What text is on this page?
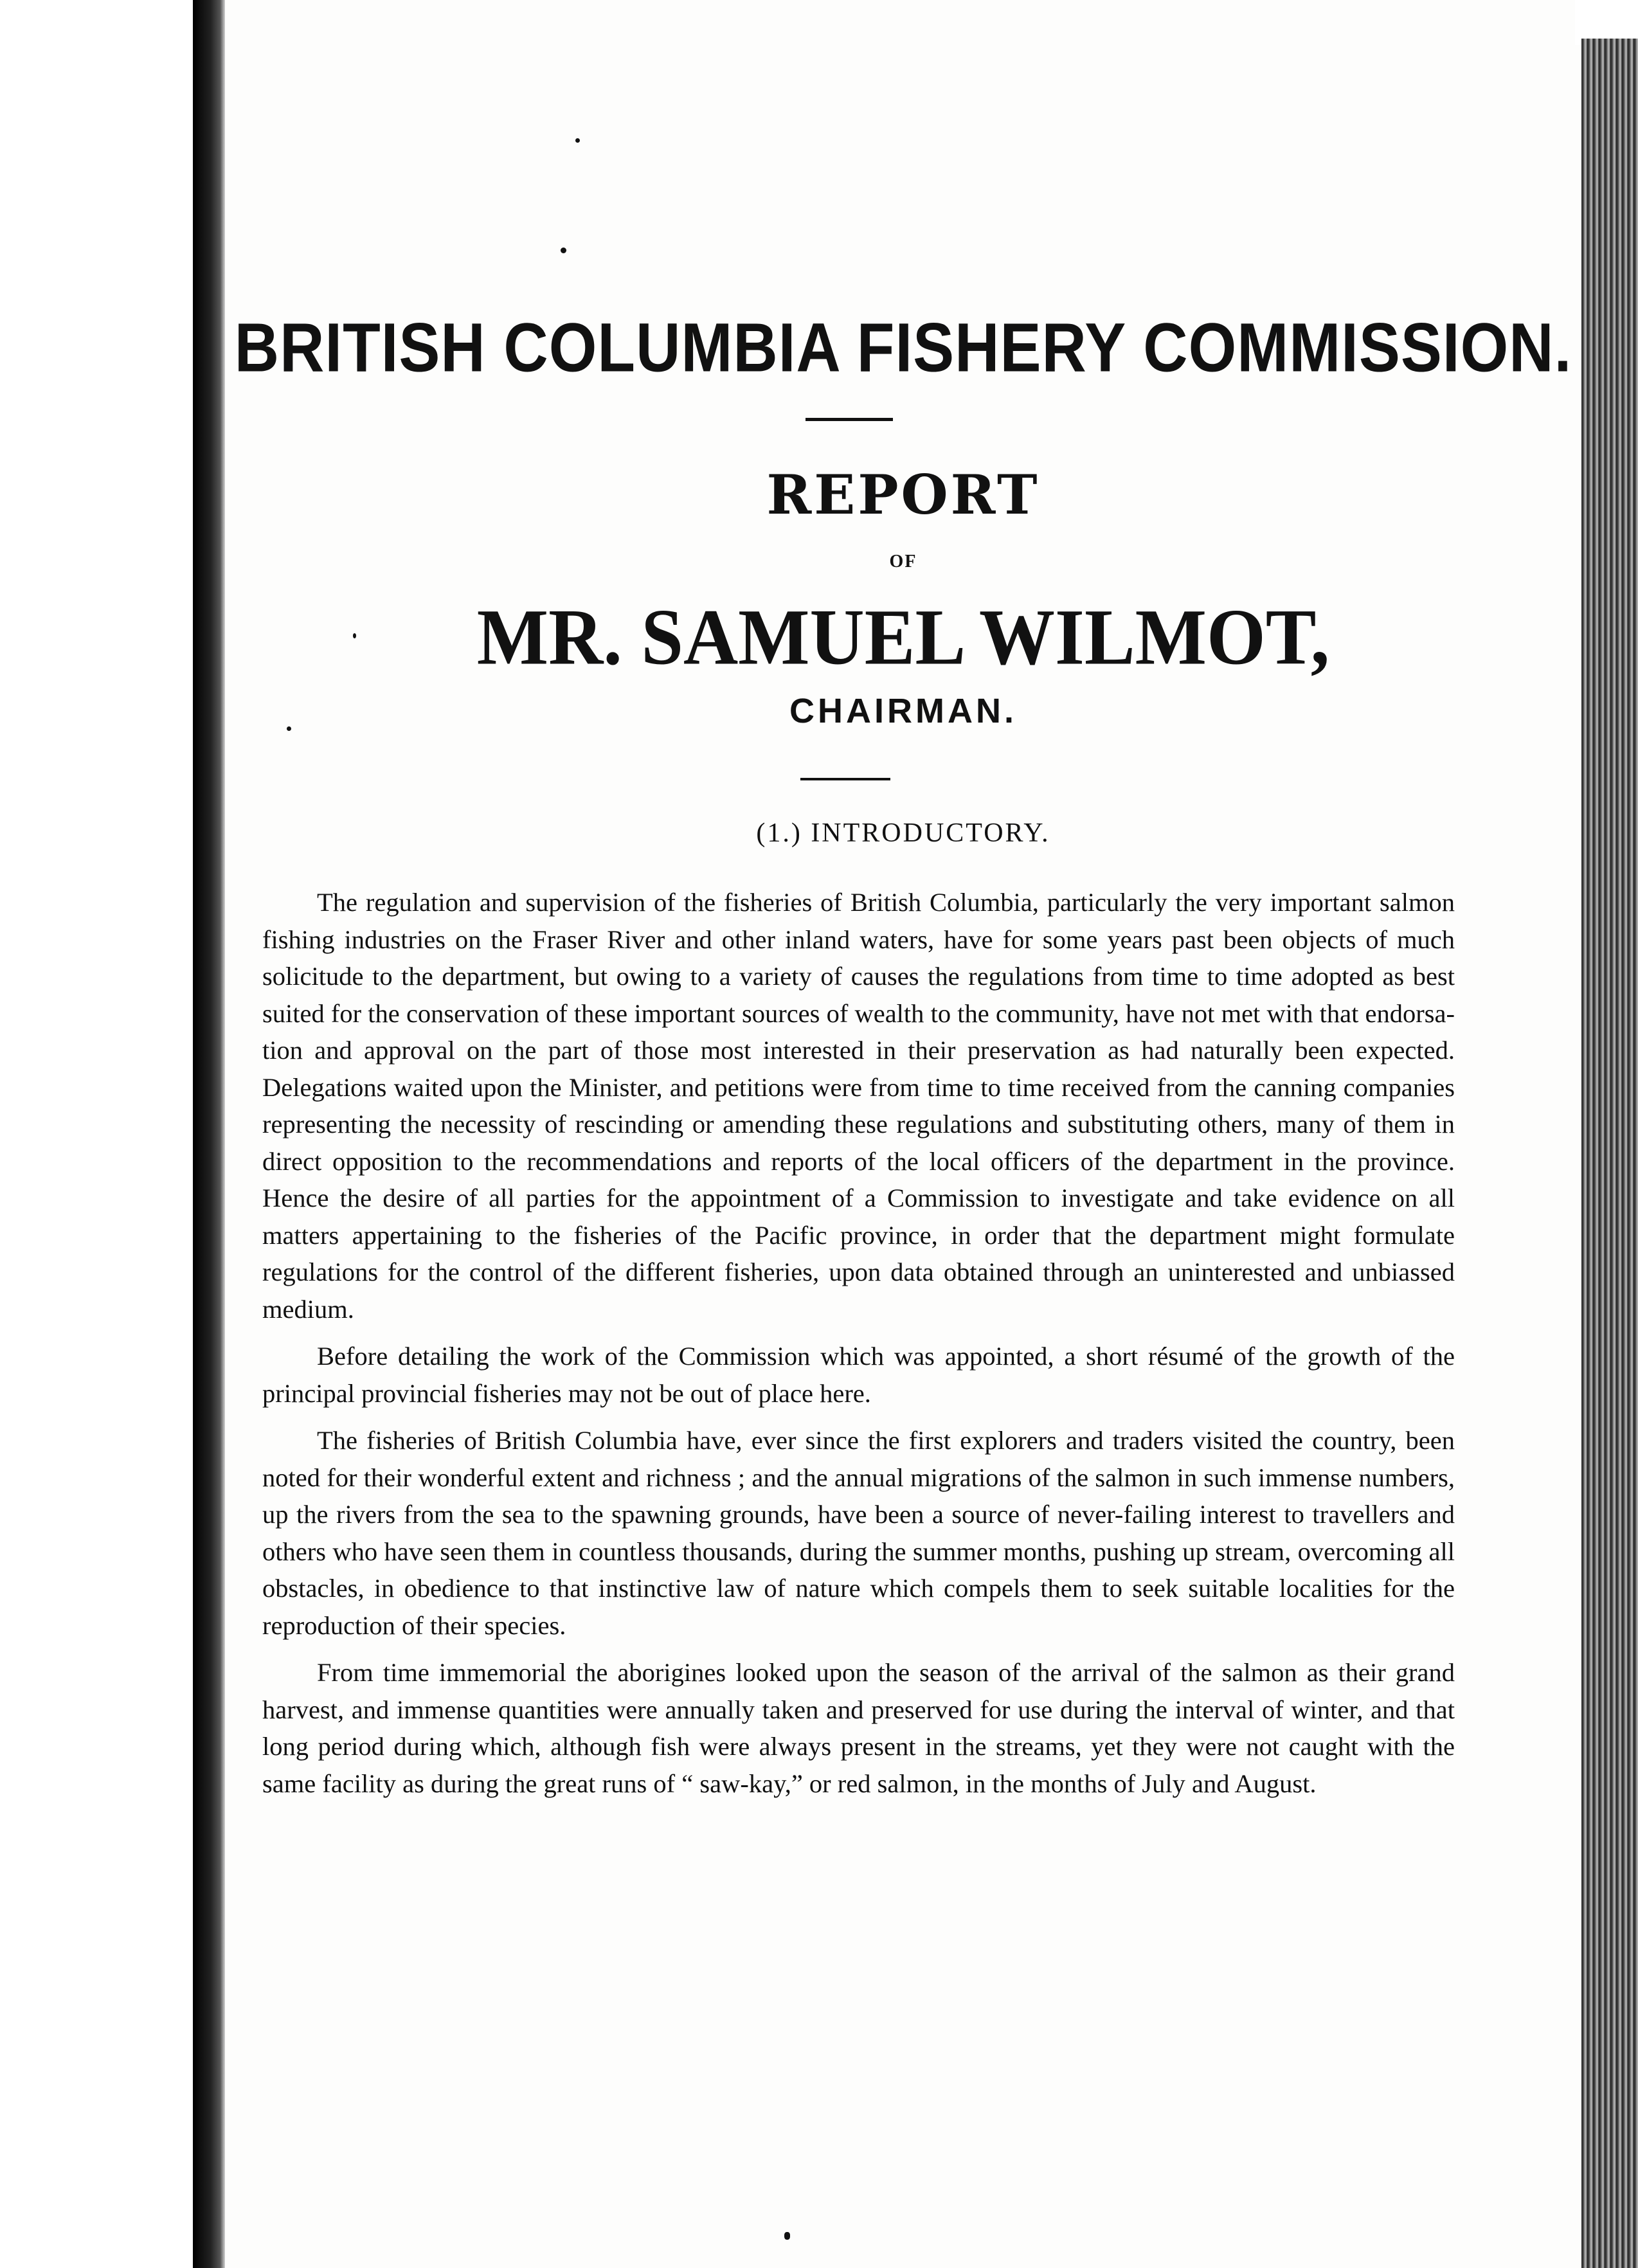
BRITISH COLUMBIA FISHERY COMMISSION.
REPORT
OF
MR. SAMUEL WILMOT,
CHAIRMAN.
(1.) INTRODUCTORY.

The regulation and supervision of the fisheries of British Columbia, particularly the very important salmon fishing industries on the Fraser River and other inland waters, have for some years past been objects of much solicitude to the department, but owing to a variety of causes the regulations from time to time adopted as best suited for the conservation of these important sources of wealth to the community, have not met with that endorsation and approval on the part of those most interested in their preservation as had naturally been expected. Delegations waited upon the Minister, and petitions were from time to time received from the canning companies representing the necessity of rescinding or amending these regulations and substituting others, many of them in direct opposition to the recommendations and reports of the local officers of the department in the province. Hence the desire of all parties for the appointment of a Commission to investigate and take evidence on all matters appertaining to the fisheries of the Pacific province, in order that the department might formulate regulations for the control of the different fisheries, upon data obtained through an uninterested and unbiassed medium.

Before detailing the work of the Commission which was appointed, a short résumé of the growth of the principal provincial fisheries may not be out of place here.

The fisheries of British Columbia have, ever since the first explorers and traders visited the country, been noted for their wonderful extent and richness ; and the annual migrations of the salmon in such immense numbers, up the rivers from the sea to the spawning grounds, have been a source of never-failing interest to travellers and others who have seen them in countless thousands, during the summer months, pushing up stream, overcoming all obstacles, in obedience to that instinctive law of nature which compels them to seek suitable localities for the reproduction of their species.

From time immemorial the aborigines looked upon the season of the arrival of the salmon as their grand harvest, and immense quantities were annually taken and preserved for use during the interval of winter, and that long period during which, although fish were always present in the streams, yet they were not caught with the same facility as during the great runs of “ saw-kay,” or red salmon, in the months of July and August.
